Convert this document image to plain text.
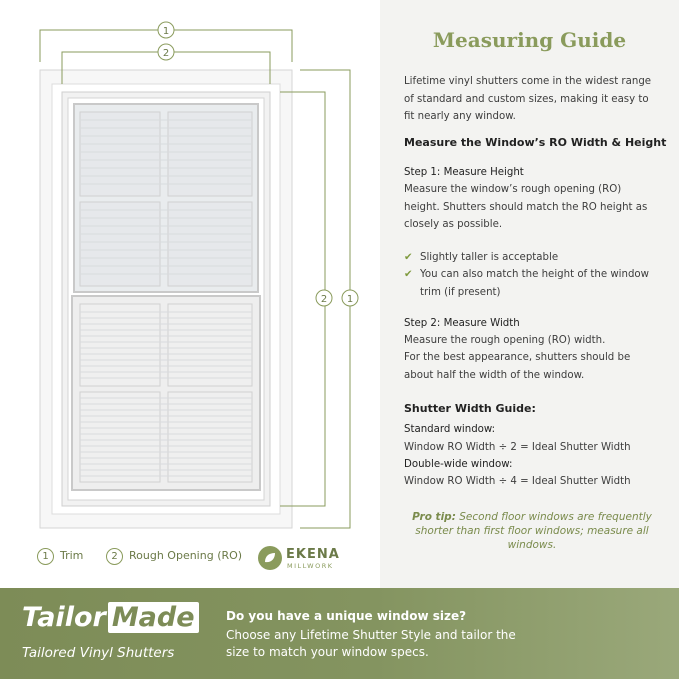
1
2
2 1
1 Trim	2 Rough Opening (RO)	EKENA
MILLWORK
Measuring Guide
Lifetime vinyl shutters come in the widest range of standard and custom sizes, making it easy to fit nearly any window.
Measure the Window’s RO Width & Height
Step 1: Measure Height
Measure the window’s rough opening (RO) height. Shutters should match the RO height as closely as possible.
✔ Slightly taller is acceptable
✔ You can also match the height of the window
trim (if present)
Step 2: Measure Width
Measure the rough opening (RO) width.
For the best appearance, shutters should be about half the width of the window.
Shutter Width Guide:
Standard window:
Window RO Width ÷ 2 = Ideal Shutter Width
Double-wide window:
Window RO Width ÷ 4 = Ideal Shutter Width
Pro tip: Second floor windows are frequently shorter than first floor windows; measure all windows.
Do you have a unique window size?
Choose any Lifetime Shutter Style and tailor the size to match your window specs.
Tailor Made
Tailored Vinyl Shutters
